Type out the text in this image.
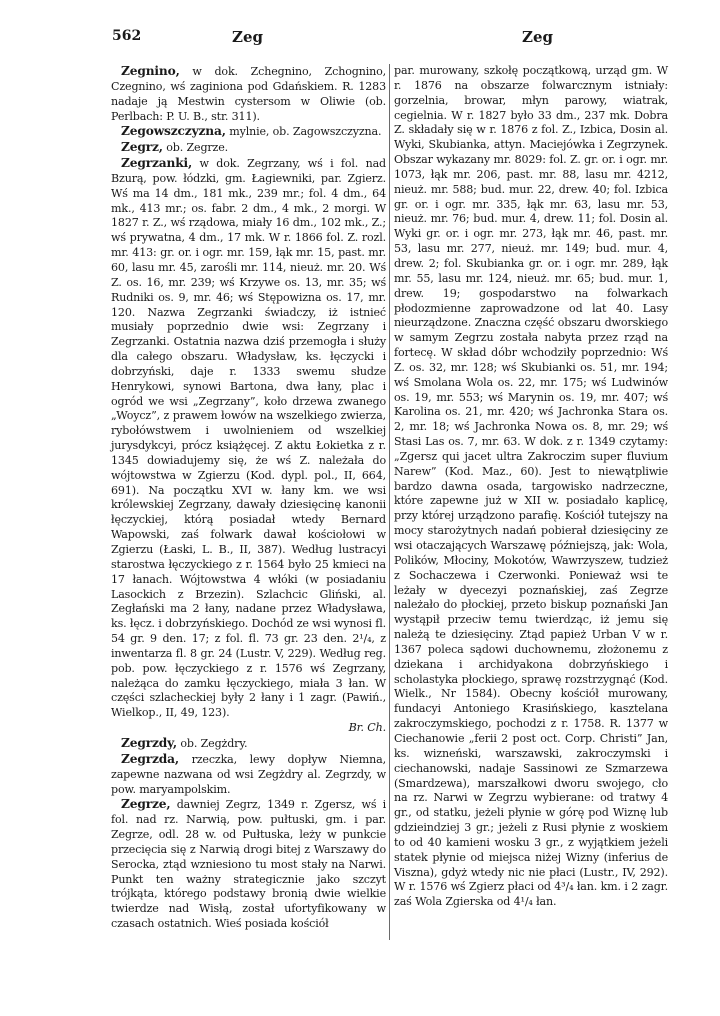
562	Zeg	Zeg

Zegnino, w dok. Zchegnino, Zchognino, Czegnino, wś zaginiona pod Gdańskiem. R. 1283 nadaje ją Mestwin cystersom w Oliwie (ob. Perlbach: P. U. B., str. 311).

Zegowszczyzna, mylnie, ob. Zagowszczyzna.

Zegrz, ob. Zegrze.

Zegrzanki, w dok. Zegrzany, wś i fol. nad Bzurą, pow. łódzki, gm. Łagiewniki, par. Zgierz. Wś ma 14 dm., 181 mk., 239 mr.; fol. 4 dm., 64 mk., 413 mr.; os. fabr. 2 dm., 4 mk., 2 morgi. W 1827 r. Z., wś rządowa, miały 16 dm., 102 mk., Z.; wś prywatna, 4 dm., 17 mk. W r. 1866 fol. Z. rozl. mr. 413: gr. or. i ogr. mr. 159, łąk mr. 15, past. mr. 60, lasu mr. 45, zarośli mr. 114, nieuż. mr. 20. Wś Z. os. 16, mr. 239; wś Krzywe os. 13, mr. 35; wś Rudniki os. 9, mr. 46; wś Stępowizna os. 17, mr. 120. Nazwa Zegrzanki świadczy, iż istnieć musiały poprzednio dwie wsi: Zegrzany i Zegrzanki. Ostatnia nazwa dziś przemogła i służy dla całego obszaru. Władysław, ks. łęczycki i dobrzyński, daje r. 1333 swemu słudze Henrykowi, synowi Bartona, dwa łany, plac i ogród we wsi „Zegrzany”, koło drzewa zwanego „Woycz”, z prawem łowów na wszelkiego zwierza, rybołówstwem i uwolnieniem od wszelkiej jurysdykcyi, prócz książęcej. Z aktu Łokietka z r. 1345 dowiadujemy się, że wś Z. należała do wójtowstwa w Zgierzu (Kod. dypl. pol., II, 664, 691). Na początku XVI w. łany km. we wsi królewskiej Zegrzany, dawały dziesięcinę kanonii łęczyckiej, którą posiadał wtedy Bernard Wapowski, zaś folwark dawał kościołowi w Zgierzu (Łaski, L. B., II, 387). Według lustracyi starostwa łęczyckiego z r. 1564 było 25 kmieci na 17 łanach. Wójtowstwa 4 włóki (w posiadaniu Lasockich z Brzezin). Szlachcic Gliński, al. Zegłański ma 2 łany, nadane przez Władysława, ks. łęcz. i dobrzyńskiego. Dochód ze wsi wynosi fl. 54 gr. 9 den. 17; z fol. fl. 73 gr. 23 den. 2¹/₄, z inwentarza fl. 8 gr. 24 (Lustr. V, 229). Według reg. pob. pow. łęczyckiego z r. 1576 wś Zegrzany, należąca do zamku łęczyckiego, miała 3 łan. W części szlacheckiej były 2 łany i 1 zagr. (Pawiń., Wielkop., II, 49, 123).

Br. Ch.

Zegrzdy, ob. Zegżdry.

Zegrzda, rzeczka, lewy dopływ Niemna, zapewne nazwana od wsi Zegżdry al. Zegrzdy, w pow. maryampolskim.

Zegrze, dawniej Zegrz, 1349 r. Zgersz, wś i fol. nad rz. Narwią, pow. pułtuski, gm. i par. Zegrze, odl. 28 w. od Pułtuska, leży w punkcie przecięcia się z Narwią drogi bitej z Warszawy do Serocka, ztąd wzniesiono tu most stały na Narwi. Punkt ten ważny strategicznie jako szczyt trójkąta, którego podstawy bronią dwie wielkie twierdze nad Wisłą, został ufortyfikowany w czasach ostatnich. Wieś posiada kościół

par. murowany, szkołę początkową, urząd gm. W r. 1876 na obszarze folwarcznym istniały: gorzelnia, browar, młyn parowy, wiatrak, cegielnia. W r. 1827 było 33 dm., 237 mk. Dobra Z. składały się w r. 1876 z fol. Z., Izbica, Dosin al. Wyki, Skubianka, attyn. Maciejówka i Zegrzynek. Obszar wykazany mr. 8029: fol. Z. gr. or. i ogr. mr. 1073, łąk mr. 206, past. mr. 88, lasu mr. 4212, nieuż. mr. 588; bud. mur. 22, drew. 40; fol. Izbica gr. or. i ogr. mr. 335, łąk mr. 63, lasu mr. 53, nieuż. mr. 76; bud. mur. 4, drew. 11; fol. Dosin al. Wyki gr. or. i ogr. mr. 273, łąk mr. 46, past. mr. 53, lasu mr. 277, nieuż. mr. 149; bud. mur. 4, drew. 2; fol. Skubianka gr. or. i ogr. mr. 289, łąk mr. 55, lasu mr. 124, nieuż. mr. 65; bud. mur. 1, drew. 19; gospodarstwo na folwarkach płodozmienne zaprowadzone od lat 40. Lasy nieurządzone. Znaczna część obszaru dworskiego w samym Zegrzu została nabyta przez rząd na fortecę. W skład dóbr wchodziły poprzednio: Wś Z. os. 32, mr. 128; wś Skubianki os. 51, mr. 194; wś Smolana Wola os. 22, mr. 175; wś Ludwinów os. 19, mr. 553; wś Marynin os. 19, mr. 407; wś Karolina os. 21, mr. 420; wś Jachronka Stara os. 2, mr. 18; wś Jachronka Nowa os. 8, mr. 29; wś Stasi Las os. 7, mr. 63. W dok. z r. 1349 czytamy: „Zgersz qui jacet ultra Zakroczim super fluvium Narew” (Kod. Maz., 60). Jest to niewątpliwie bardzo dawna osada, targowisko nadrzeczne, które zapewne już w XII w. posiadało kaplicę, przy której urządzono parafię. Kościół tutejszy na mocy starożytnych nadań pobierał dziesięciny ze wsi otaczających Warszawę późniejszą, jak: Wola, Polików, Młociny, Mokotów, Wawrzyszew, tudzież z Sochaczewa i Czerwonki. Ponieważ wsi te leżały w dyecezyi poznańskiej, zaś Zegrze należało do płockiej, przeto biskup poznański Jan wystąpił przeciw temu twierdząc, iż jemu się należą te dziesięciny. Ztąd papież Urban V w r. 1367 poleca sądowi duchownemu, złożonemu z dziekana i archidyakona dobrzyńskiego i scholastyka płockiego, sprawę rozstrzygnąć (Kod. Wielk., Nr 1584). Obecny kościół murowany, fundacyi Antoniego Krasińskiego, kasztelana zakroczymskiego, pochodzi z r. 1758. R. 1377 w Ciechanowie „ferii 2 post oct. Corp. Christi” Jan, ks. wizneński, warszawski, zakroczymski i ciechanowski, nadaje Sassinowi ze Szmarzewa (Smardzewa), marszałkowi dworu swojego, cło na rz. Narwi w Zegrzu wybierane: od tratwy 4 gr., od statku, jeżeli płynie w górę pod Wiznę lub gdzieindziej 3 gr.; jeżeli z Rusi płynie z woskiem to od 40 kamieni wosku 3 gr., z wyjątkiem jeżeli statek płynie od miejsca niżej Wizny (inferius de Viszna), gdyż wtedy nic nie płaci (Lustr., IV, 292). W r. 1576 wś Zgierz płaci od 4³/₄ łan. km. i 2 zagr. zaś Wola Zgierska od 4¹/₄ łan.
